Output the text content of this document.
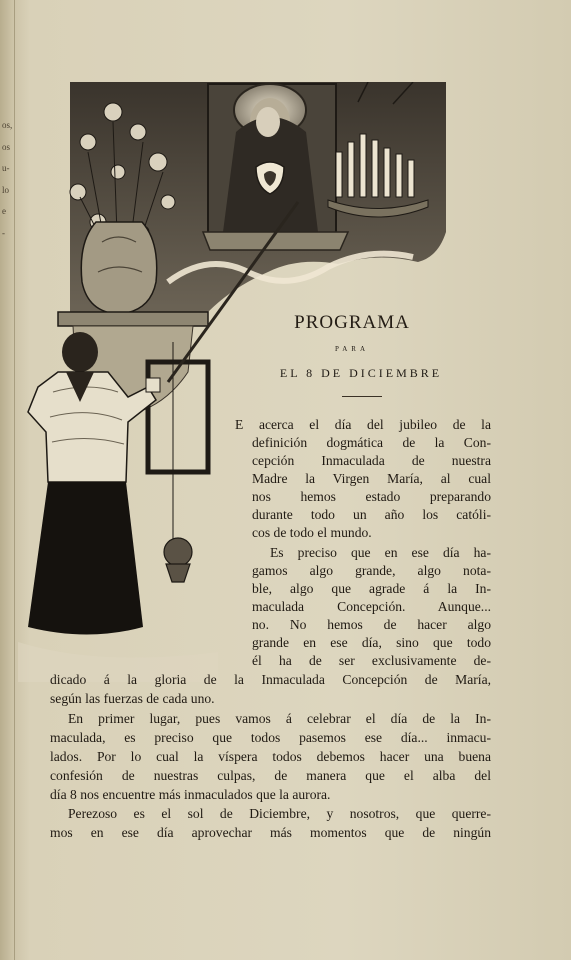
os,
os
u-
lo
e
-
PROGRAMA
PARA
EL 8 DE DICIEMBRE
E acerca el día del jubileo de la
definición dogmática de la Con-
cepción Inmaculada de nuestra
Madre la Virgen María, al cual
nos hemos estado preparando
durante todo un año los católi-
cos de todo el mundo.
Es preciso que en ese día ha-
gamos algo grande, algo nota-
ble, algo que agrade á la In-
maculada Concepción. Aunque...
no. No hemos de hacer algo
grande en ese día, sino que todo
él ha de ser exclusivamente de-
dicado á la gloria de la Inmaculada Concepción de María,
según las fuerzas de cada uno.
En primer lugar, pues vamos á celebrar el día de la In-
maculada, es preciso que todos pasemos ese día... inmacu-
lados. Por lo cual la víspera todos debemos hacer una buena
confesión de nuestras culpas, de manera que el alba del
día 8 nos encuentre más inmaculados que la aurora.
Perezoso es el sol de Diciembre, y nosotros, que querre-
mos en ese día aprovechar más momentos que de ningún
